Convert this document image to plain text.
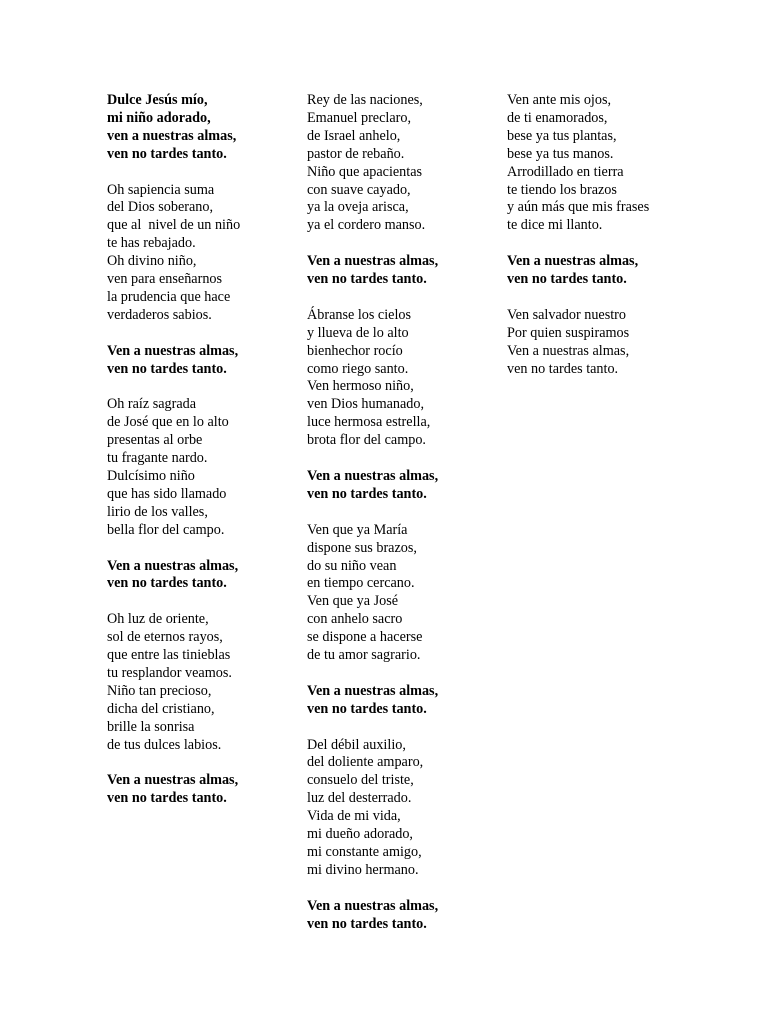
Dulce Jesús mío,
mi niño adorado,
ven a nuestras almas,
ven no tardes tanto.
Oh sapiencia suma
del Dios soberano,
que al  nivel de un niño
te has rebajado.
Oh divino niño,
ven para enseñarnos
la prudencia que hace
verdaderos sabios.
Ven a nuestras almas,
ven no tardes tanto.
Oh raíz sagrada
de José que en lo alto
presentas al orbe
tu fragante nardo.
Dulcísimo niño
que has sido llamado
lirio de los valles,
bella flor del campo.
Ven a nuestras almas,
ven no tardes tanto.
Oh luz de oriente,
sol de eternos rayos,
que entre las tinieblas
tu resplandor veamos.
Niño tan precioso,
dicha del cristiano,
brille la sonrisa
de tus dulces labios.
Ven a nuestras almas,
ven no tardes tanto.
Rey de las naciones,
Emanuel preclaro,
de Israel anhelo,
pastor de rebaño.
Niño que apacientas
con suave cayado,
ya la oveja arisca,
ya el cordero manso.
Ven a nuestras almas,
ven no tardes tanto.
Ábranse los cielos
y llueva de lo alto
bienhechor rocío
como riego santo.
Ven hermoso niño,
ven Dios humanado,
luce hermosa estrella,
brota flor del campo.
Ven a nuestras almas,
ven no tardes tanto.
Ven que ya María
dispone sus brazos,
do su niño vean
en tiempo cercano.
Ven que ya José
con anhelo sacro
se dispone a hacerse
de tu amor sagrario.
Ven a nuestras almas,
ven no tardes tanto.
Del débil auxilio,
del doliente amparo,
consuelo del triste,
luz del desterrado.
Vida de mi vida,
mi dueño adorado,
mi constante amigo,
mi divino hermano.
Ven a nuestras almas,
ven no tardes tanto.
Ven ante mis ojos,
de ti enamorados,
bese ya tus plantas,
bese ya tus manos.
Arrodillado en tierra
te tiendo los brazos
y aún más que mis frases
te dice mi llanto.
Ven a nuestras almas,
ven no tardes tanto.
Ven salvador nuestro
Por quien suspiramos
Ven a nuestras almas,
ven no tardes tanto.
